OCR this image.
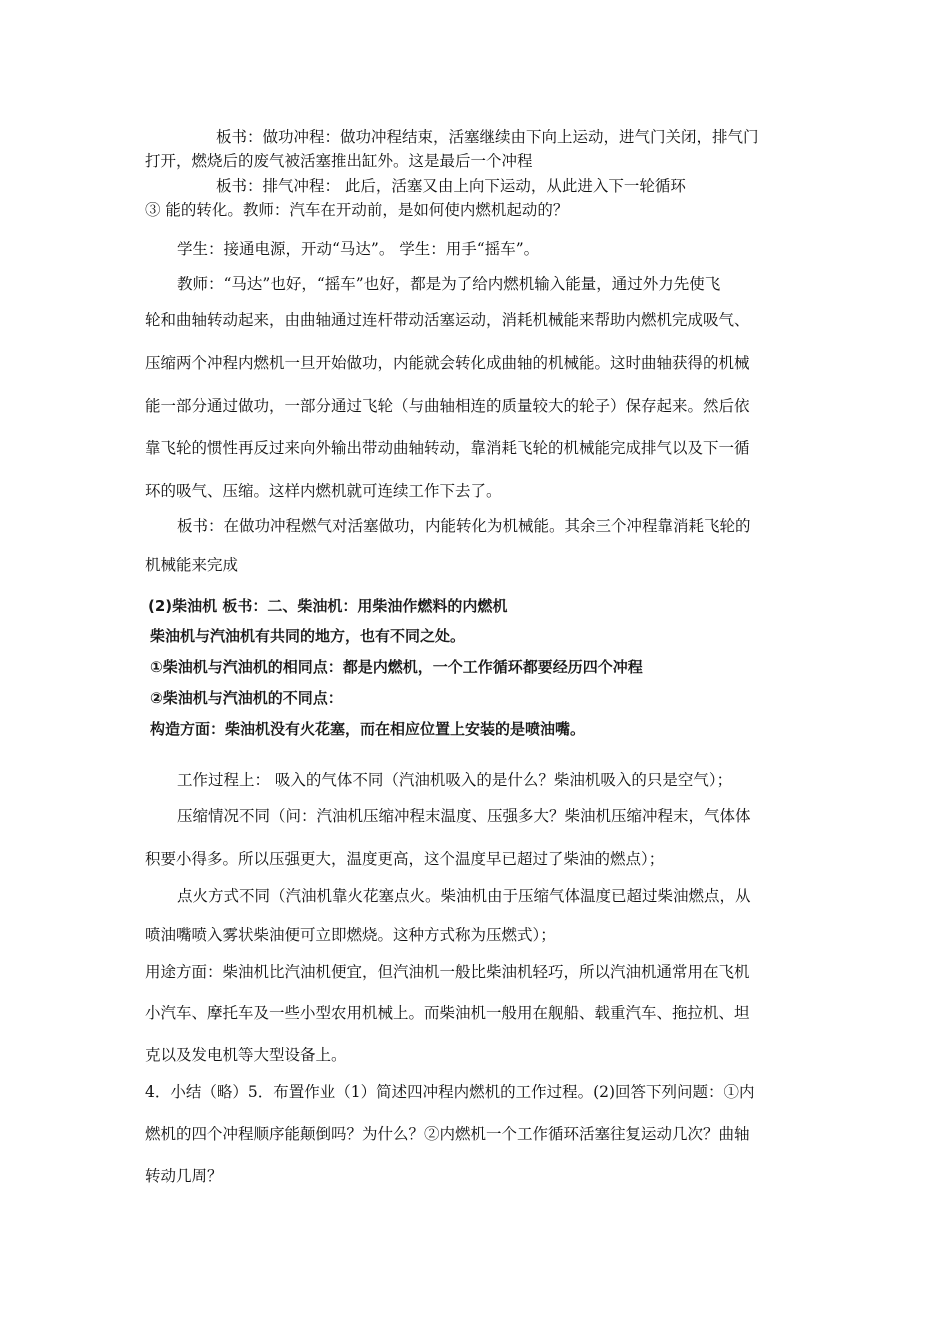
板书：做功冲程：做功冲程结束，活塞继续由下向上运动，进气门关闭，排气门
打开，燃烧后的废气被活塞推出缸外。这是最后一个冲程
板书：排气冲程： 此后，活塞又由上向下运动，从此进入下一轮循环
③ 能的转化。教师：汽车在开动前，是如何使内燃机起动的？
学生：接通电源，开动“马达”。 学生：用手“摇车”。
教师：“马达”也好，“摇车”也好，都是为了给内燃机输入能量，通过外力先使飞
轮和曲轴转动起来，由曲轴通过连杆带动活塞运动，消耗机械能来帮助内燃机完成吸气、
压缩两个冲程内燃机一旦开始做功，内能就会转化成曲轴的机械能。这时曲轴获得的机械
能一部分通过做功，一部分通过飞轮（与曲轴相连的质量较大的轮子）保存起来。然后依
靠飞轮的惯性再反过来向外输出带动曲轴转动，靠消耗飞轮的机械能完成排气以及下一循
环的吸气、压缩。这样内燃机就可连续工作下去了。
板书：在做功冲程燃气对活塞做功，内能转化为机械能。其余三个冲程靠消耗飞轮的
机械能来完成
(2)柴油机 板书：二、柴油机：用柴油作燃料的内燃机
柴油机与汽油机有共同的地方，也有不同之处。
①柴油机与汽油机的相同点：都是内燃机，一个工作循环都要经历四个冲程
②柴油机与汽油机的不同点：
构造方面：柴油机没有火花塞，而在相应位置上安装的是喷油嘴。
工作过程上： 吸入的气体不同（汽油机吸入的是什么？柴油机吸入的只是空气）；
压缩情况不同（问：汽油机压缩冲程末温度、压强多大？柴油机压缩冲程末，气体体
积要小得多。所以压强更大，温度更高，这个温度早已超过了柴油的燃点）；
点火方式不同（汽油机靠火花塞点火。柴油机由于压缩气体温度已超过柴油燃点，从
喷油嘴喷入雾状柴油便可立即燃烧。这种方式称为压燃式）；
用途方面：柴油机比汽油机便宜，但汽油机一般比柴油机轻巧，所以汽油机通常用在飞机
小汽车、摩托车及一些小型农用机械上。而柴油机一般用在舰船、载重汽车、拖拉机、坦
克以及发电机等大型设备上。
4．小结（略）5．布置作业（1）简述四冲程内燃机的工作过程。(2)回答下列问题：①内
燃机的四个冲程顺序能颠倒吗？为什么？②内燃机一个工作循环活塞往复运动几次？曲轴
转动几周？
